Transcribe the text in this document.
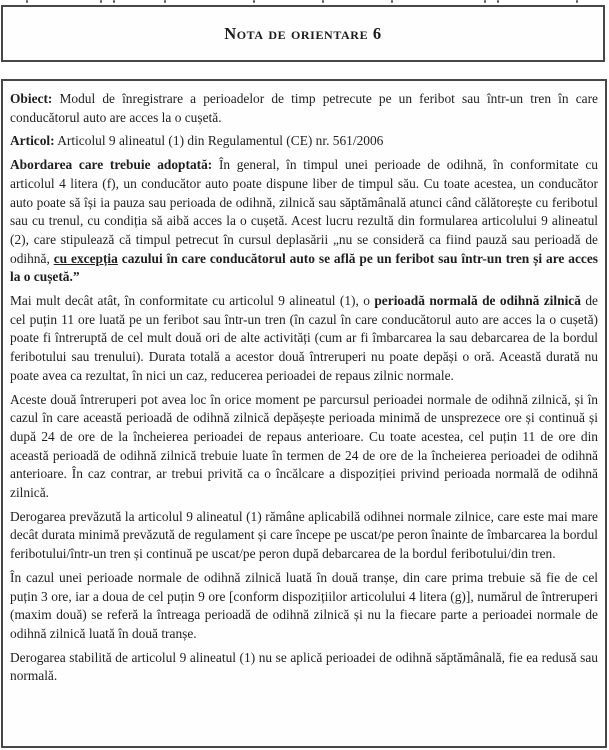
Nota de orientare 6

Obiect: Modul de înregistrare a perioadelor de timp petrecute pe un feribot sau într-un tren în care conducătorul auto are acces la o cușetă.

Articol: Articolul 9 alineatul (1) din Regulamentul (CE) nr. 561/2006

Abordarea care trebuie adoptată: În general, în timpul unei perioade de odihnă, în conformitate cu articolul 4 litera (f), un conducător auto poate dispune liber de timpul său. Cu toate acestea, un conducător auto poate să își ia pauza sau perioada de odihnă, zilnică sau săptămânală atunci când călătorește cu feribotul sau cu trenul, cu condiția să aibă acces la o cușetă. Acest lucru rezultă din formularea articolului 9 alineatul (2), care stipulează că timpul petrecut în cursul deplasării „nu se consideră ca fiind pauză sau perioadă de odihnă, cu excepția cazului în care conducătorul auto se află pe un feribot sau într-un tren și are acces la o cușetă.”

Mai mult decât atât, în conformitate cu articolul 9 alineatul (1), o perioadă normală de odihnă zilnică de cel puțin 11 ore luată pe un feribot sau într-un tren (în cazul în care conducătorul auto are acces la o cușetă) poate fi întreruptă de cel mult două ori de alte activități (cum ar fi îmbarcarea la sau debarcarea de la bordul feribotului sau trenului). Durata totală a acestor două întreruperi nu poate depăși o oră. Această durată nu poate avea ca rezultat, în nici un caz, reducerea perioadei de repaus zilnic normale.

Aceste două întreruperi pot avea loc în orice moment pe parcursul perioadei normale de odihnă zilnică, și în cazul în care această perioadă de odihnă zilnică depășește perioada minimă de unsprezece ore și continuă și după 24 de ore de la încheierea perioadei de repaus anterioare. Cu toate acestea, cel puțin 11 de ore din această perioadă de odihnă zilnică trebuie luate în termen de 24 de ore de la încheierea perioadei de odihnă anterioare. În caz contrar, ar trebui privită ca o încălcare a dispoziției privind perioada normală de odihnă zilnică.

Derogarea prevăzută la articolul 9 alineatul (1) rămâne aplicabilă odihnei normale zilnice, care este mai mare decât durata minimă prevăzută de regulament și care începe pe uscat/pe peron înainte de îmbarcarea la bordul feribotului/într-un tren și continuă pe uscat/pe peron după debarcarea de la bordul feribotului/din tren.

În cazul unei perioade normale de odihnă zilnică luată în două tranșe, din care prima trebuie să fie de cel puțin 3 ore, iar a doua de cel puțin 9 ore [conform dispozițiilor articolului 4 litera (g)], numărul de întreruperi (maxim două) se referă la întreaga perioadă de odihnă zilnică și nu la fiecare parte a perioadei normale de odihnă zilnică luată în două tranșe.

Derogarea stabilită de articolul 9 alineatul (1) nu se aplică perioadei de odihnă săptămânală, fie ea redusă sau normală.
